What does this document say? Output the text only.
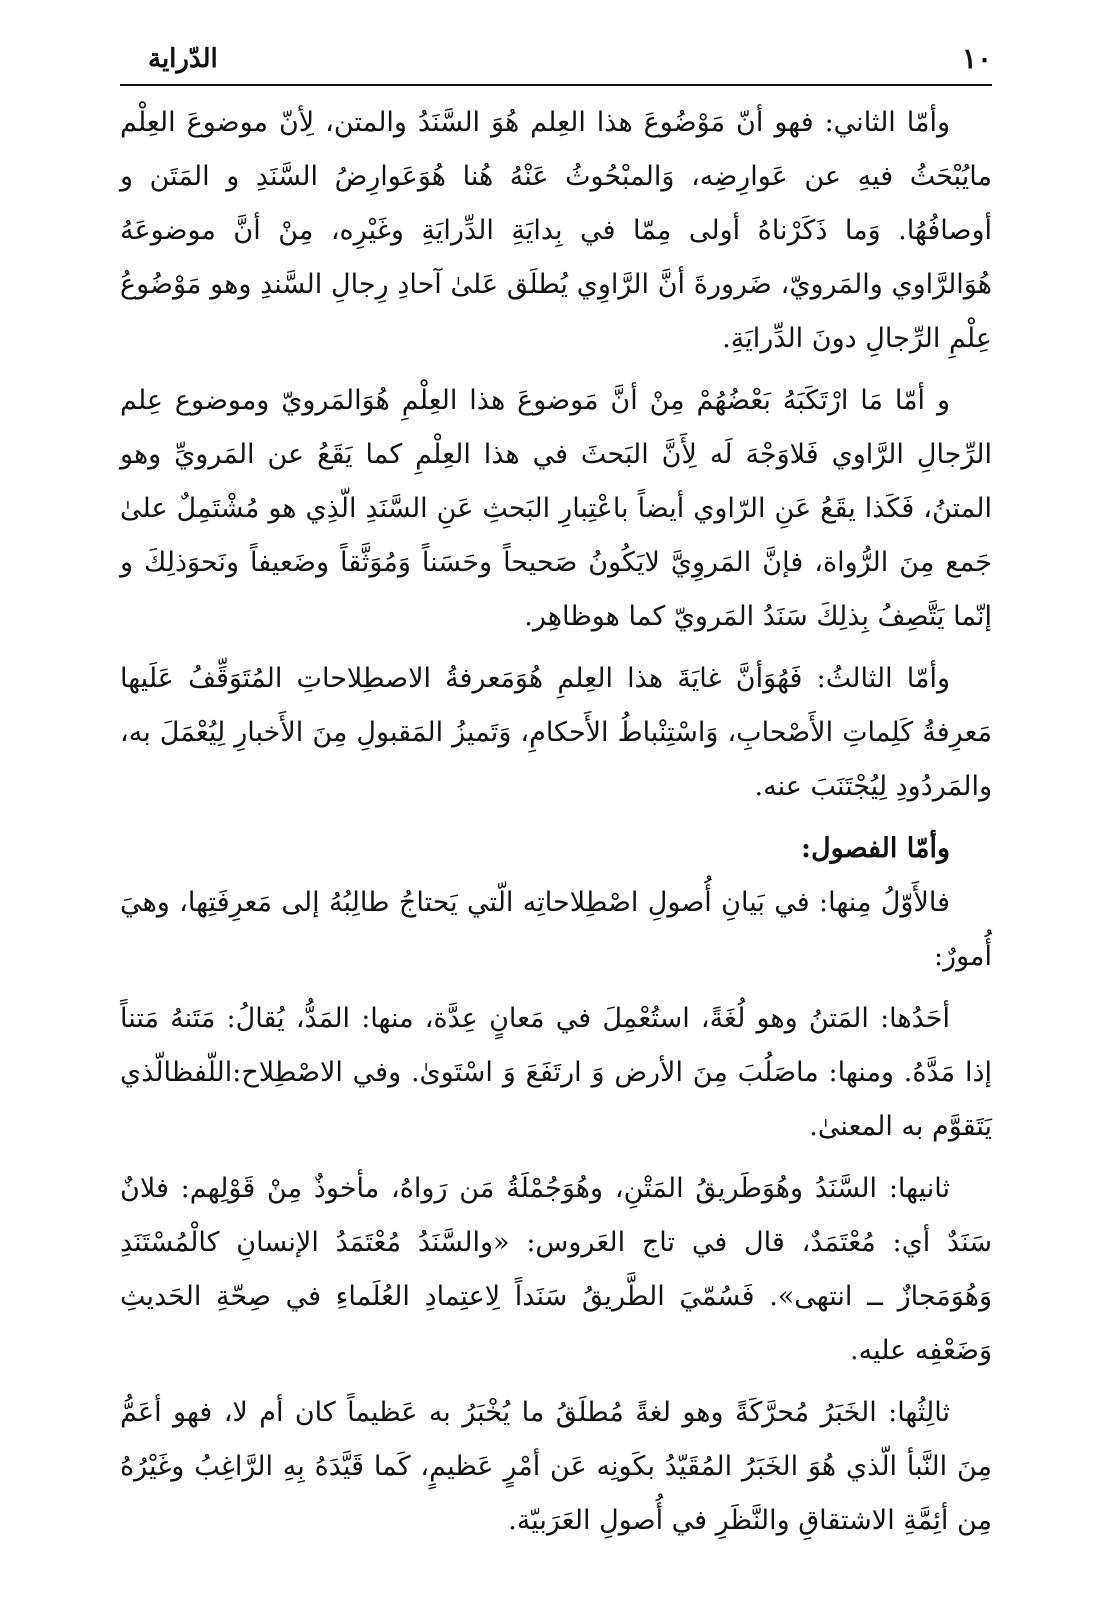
١٠
الدّراية

وأمّا الثاني: فهو أنّ مَوْضُوعَ هذا العِلم هُوَ السَّنَدُ والمتن، لِأنّ موضوعَ العِلْم مايُبْحَثُ فيهِ عن عَوارِضِه، وَالمبْحُوثُ عَنْهُ هُنا هُوَعَوارِضُ السَّنَدِ و المَتَن و أوصافُهُا. وَما ذَكَرْناهُ أولى مِمّا في بِدايَةِ الدِّرايَةِ وغَيْرِه، مِنْ أنَّ موضوعَهُ هُوَالرَّاوي والمَرويّ، ضَرورةَ أنَّ الرَّاوِي يُطلَق عَلىٰ آحادِ رِجالِ السَّندِ وهو مَوْضُوعُ عِلْمِ الرِّجالِ دونَ الدِّرايَةِ.

و أمّا مَا ارْتَكَبَهُ بَعْضُهُمْ مِنْ أنَّ مَوضوعَ هذا العِلْمِ هُوَالمَرويّ وموضوع عِلم الرِّجالِ الرَّاوي فَلاوَجْهَ لَه لِأَنَّ البَحثَ في هذا العِلْمِ كما يَقَعُ عن المَرويِّ وهو المتنُ، فَكَذا يقَعُ عَنِ الرّاوي أيضاً باعْتِبارِ البَحثِ عَنِ السَّنَدِ الّذِي هو مُشْتَمِلٌ علىٰ جَمع مِنَ الرُّواة، فإنَّ المَروِيَّ لايَكُونُ صَحيحاً وحَسَناً وَمُوَثَّقاً وضَعيفاً ونَحوَذلِكَ و إنّما يَتَّصِفُ بِذلِكَ سَنَدُ المَرويّ كما هوظاهِر.

وأمّا الثالثُ: فَهُوَأنَّ غايَةَ هذا العِلمِ هُوَمَعرفةُ الاصطِلاحاتِ المُتَوَقِّفُ عَلَيها مَعرِفةُ كَلِماتِ الأَصْحابِ، وَاسْتِنْباطُ الأَحكامِ، وَتَميزُ المَقبولِ مِنَ الأَخبارِ لِيُعْمَلَ به، والمَردُودِ لِيُجْتَنَبَ عنه.

وأمّا الفصول:

فالأَوّلُ مِنها: في بَيانِ أُصولِ اصْطِلاحاتِه الّتي يَحتاجُ طالِبُهُ إلى مَعرِفَتِها، وهيَ أُمورٌ:

أحَدُها: المَتنُ وهو لُغَةً، استُعْمِلَ في مَعانٍ عِدَّة، منها: المَدُّ، يُقالُ: مَتَنهُ مَتناً إذا مَدَّهُ. ومنها: ماصَلُبَ مِنَ الأرض وَ ارتَفَعَ وَ اسْتَوىٰ. وفي الاصْطِلاح:اللّفظالّذي يَتَقوَّم به المعنىٰ.

ثانيها: السَّنَدُ وهُوَطَريقُ المَتْنِ، وهُوَجُمْلَةُ مَن رَواهُ، مأخوذٌ مِنْ قَوْلِهم: فلانٌ سَنَدٌ أي: مُعْتَمَدٌ، قال في تاج العَروس: «والسَّنَدُ مُعْتَمَدُ الإنسانِ كالْمُسْتَنَدِ وَهُوَمَجازٌ ــ انتهى». فَسُمّيَ الطَّريقُ سَنَداً لِاعتِمادِ العُلَماءِ في صِحّةِ الحَديثِ وَضَعْفِه عليه.

ثالِثُها: الخَبَرُ مُحرَّكَةً وهو لغةً مُطلَقُ ما يُخْبَرُ به عَظيماً كان أم لا، فهو أعَمُّ مِنَ النَّبأ الّذي هُوَ الخَبَرُ المُقَيّدُ بكَونِه عَن أمْرٍ عَظيمٍ، كَما قَيَّدَهُ بِهِ الرَّاغِبُ وغَيْرُهُ مِن أئِمَّةِ الاشتقاقِ والنَّظَرِ في أُصولِ العَرَبيّة.
